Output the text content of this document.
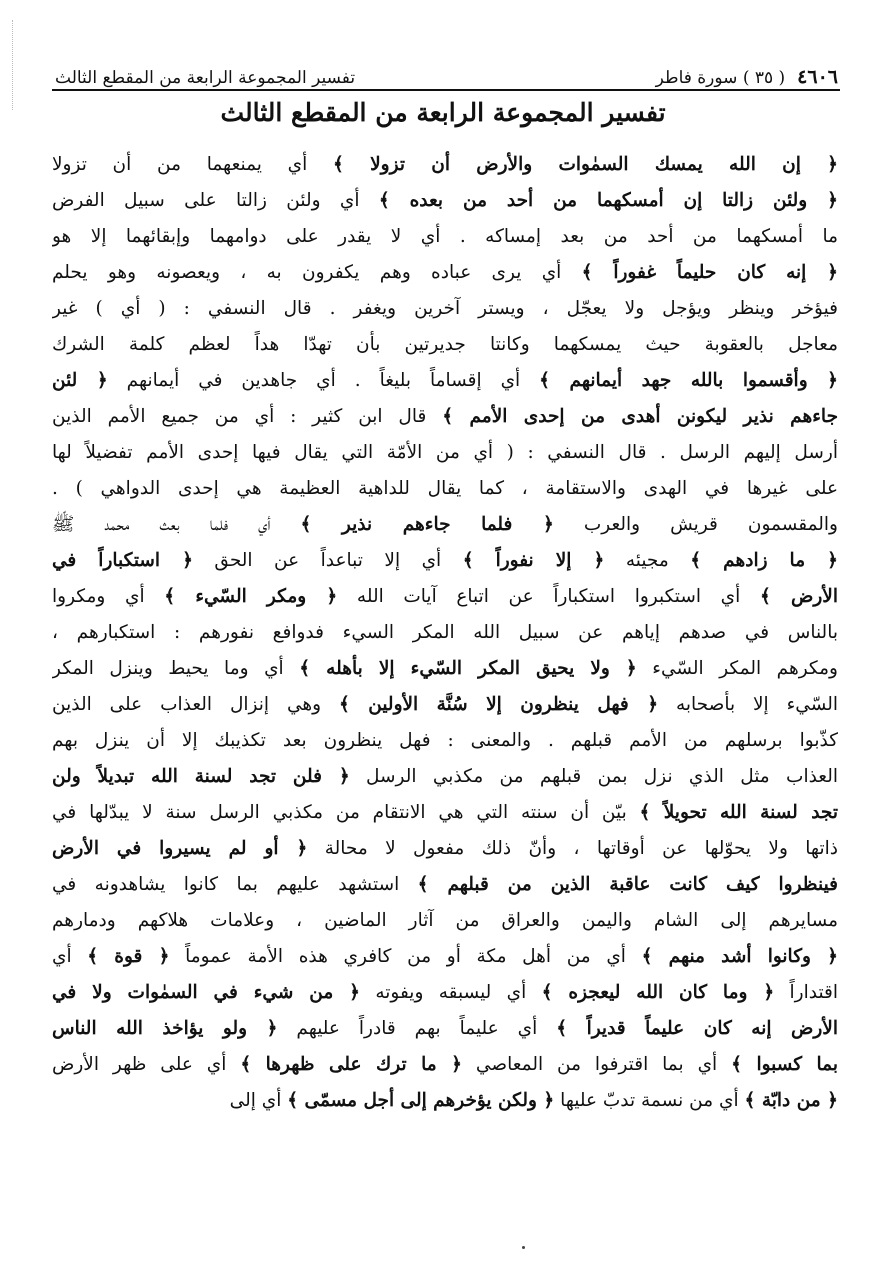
٤٦٠٦( ٣٥ ) سورة فاطر
تفسير المجموعة الرابعة من المقطع الثالث
تفسير المجموعة الرابعة من المقطع الثالث
﴿ إن الله يمسك السمٰوات والأرض أن تزولا ﴾ أي يمنعهما من أن تزولا
﴿ ولئن زالتا إن أمسكهما من أحد من بعده ﴾ أي ولئن زالتا على سبيل الفرض
ما أمسكهما من أحد من بعد إمساكه . أي لا يقدر على دوامهما وإبقائهما إلا هو
﴿ إنه كان حليماً غفوراً ﴾ أي يرى عباده وهم يكفرون به ، ويعصونه وهو يحلم
فيؤخر وينظر ويؤجل ولا يعجّل ، ويستر آخرين ويغفر . قال النسفي : ( أي ) غير
معاجل بالعقوبة حيث يمسكهما وكانتا جديرتين بأن تهدّا هداً لعظم كلمة الشرك
﴿ وأقسموا بالله جهد أيمانهم ﴾ أي إقساماً بليغاً . أي جاهدين في أيمانهم ﴿ لئن
جاءهم نذير ليكونن أهدى من إحدى الأمم ﴾ قال ابن كثير : أي من جميع الأمم الذين
أرسل إليهم الرسل . قال النسفي : ( أي من الأمّة التي يقال فيها إحدى الأمم تفضيلاً لها
على غيرها في الهدى والاستقامة ، كما يقال للداهية العظيمة هي إحدى الدواهي ) .
والمقسمون قريش والعرب ﴿ فلما جاءهم نذير ﴾ أي فلما بعث محمد ﷺ
﴿ ما زادهم ﴾ مجيئه ﴿ إلا نفوراً ﴾ أي إلا تباعداً عن الحق ﴿ استكباراً في
الأرض ﴾ أي استكبروا استكباراً عن اتباع آيات الله ﴿ ومكر السّيء ﴾ أي ومكروا
بالناس في صدهم إياهم عن سبيل الله المكر السيء فدوافع نفورهم : استكبارهم ،
ومكرهم المكر السّيء ﴿ ولا يحيق المكر السّيء إلا بأهله ﴾ أي وما يحيط وينزل المكر
السّيء إلا بأصحابه ﴿ فهل ينظرون إلا سُنَّة الأولين ﴾ وهي إنزال العذاب على الذين
كذّبوا برسلهم من الأمم قبلهم . والمعنى : فهل ينظرون بعد تكذيبك إلا أن ينزل بهم
العذاب مثل الذي نزل بمن قبلهم من مكذبي الرسل ﴿ فلن تجد لسنة الله تبديلاً ولن
تجد لسنة الله تحويلاً ﴾ بيّن أن سنته التي هي الانتقام من مكذبي الرسل سنة لا يبدّلها في
ذاتها ولا يحوّلها عن أوقاتها ، وأنّ ذلك مفعول لا محالة ﴿ أو لم يسيروا في الأرض
فينظروا كيف كانت عاقبة الذين من قبلهم ﴾ استشهد عليهم بما كانوا يشاهدونه في
مسايرهم إلى الشام واليمن والعراق من آثار الماضين ، وعلامات هلاكهم ودمارهم
﴿ وكانوا أشد منهم ﴾ أي من أهل مكة أو من كافري هذه الأمة عموماً ﴿ قوة ﴾ أي
اقتداراً ﴿ وما كان الله ليعجزه ﴾ أي ليسبقه ويفوته ﴿ من شيء في السمٰوات ولا في
الأرض إنه كان عليماً قديراً ﴾ أي عليماً بهم قادراً عليهم ﴿ ولو يؤاخذ الله الناس
بما كسبوا ﴾ أي بما اقترفوا من المعاصي ﴿ ما ترك على ظهرها ﴾ أي على ظهر الأرض
﴿ من دابّة ﴾ أي من نسمة تدبّ عليها ﴿ ولكن يؤخرهم إلى أجل مسمّى ﴾ أي إلى
